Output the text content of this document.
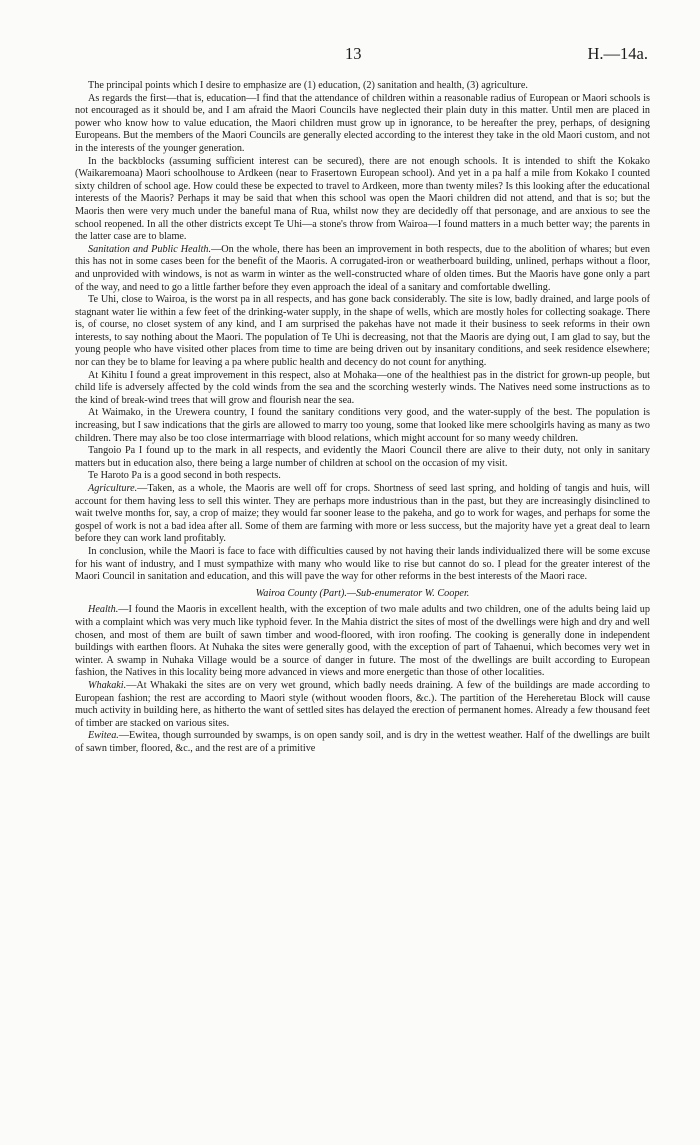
13	H.—14a.

The principal points which I desire to emphasize are (1) education, (2) sanitation and health, (3) agriculture.

As regards the first—that is, education—I find that the attendance of children within a reasonable radius of European or Maori schools is not encouraged as it should be, and I am afraid the Maori Councils have neglected their plain duty in this matter. Until men are placed in power who know how to value education, the Maori children must grow up in ignorance, to be hereafter the prey, perhaps, of designing Europeans. But the members of the Maori Councils are generally elected according to the interest they take in the old Maori custom, and not in the interests of the younger generation.

In the backblocks (assuming sufficient interest can be secured), there are not enough schools. It is intended to shift the Kokako (Waikaremoana) Maori schoolhouse to Ardkeen (near to Frasertown European school). And yet in a pa half a mile from Kokako I counted sixty children of school age. How could these be expected to travel to Ardkeen, more than twenty miles? Is this looking after the educational interests of the Maoris? Perhaps it may be said that when this school was open the Maori children did not attend, and that is so; but the Maoris then were very much under the baneful mana of Rua, whilst now they are decidedly off that personage, and are anxious to see the school reopened. In all the other districts except Te Uhi—a stone's throw from Wairoa—I found matters in a much better way; the parents in the latter case are to blame.

Sanitation and Public Health.—On the whole, there has been an improvement in both respects, due to the abolition of whares; but even this has not in some cases been for the benefit of the Maoris. A corrugated-iron or weatherboard building, unlined, perhaps without a floor, and unprovided with windows, is not as warm in winter as the well-constructed whare of olden times. But the Maoris have gone only a part of the way, and need to go a little farther before they even approach the ideal of a sanitary and comfortable dwelling.

Te Uhi, close to Wairoa, is the worst pa in all respects, and has gone back considerably. The site is low, badly drained, and large pools of stagnant water lie within a few feet of the drinking-water supply, in the shape of wells, which are mostly holes for collecting soakage. There is, of course, no closet system of any kind, and I am surprised the pakehas have not made it their business to seek reforms in their own interests, to say nothing about the Maori. The population of Te Uhi is decreasing, not that the Maoris are dying out, I am glad to say, but the young people who have visited other places from time to time are being driven out by insanitary conditions, and seek residence elsewhere; nor can they be to blame for leaving a pa where public health and decency do not count for anything.

At Kihitu I found a great improvement in this respect, also at Mohaka—one of the healthiest pas in the district for grown-up people, but child life is adversely affected by the cold winds from the sea and the scorching westerly winds. The Natives need some instructions as to the kind of break-wind trees that will grow and flourish near the sea.

At Waimako, in the Urewera country, I found the sanitary conditions very good, and the water-supply of the best. The population is increasing, but I saw indications that the girls are allowed to marry too young, some that looked like mere schoolgirls having as many as two children. There may also be too close intermarriage with blood relations, which might account for so many weedy children.

Tangoio Pa I found up to the mark in all respects, and evidently the Maori Council there are alive to their duty, not only in sanitary matters but in education also, there being a large number of children at school on the occasion of my visit.

Te Haroto Pa is a good second in both respects.

Agriculture.—Taken, as a whole, the Maoris are well off for crops. Shortness of seed last spring, and holding of tangis and huis, will account for them having less to sell this winter. They are perhaps more industrious than in the past, but they are increasingly disinclined to wait twelve months for, say, a crop of maize; they would far sooner lease to the pakeha, and go to work for wages, and perhaps for some the gospel of work is not a bad idea after all. Some of them are farming with more or less success, but the majority have yet a great deal to learn before they can work land profitably.

In conclusion, while the Maori is face to face with difficulties caused by not having their lands individualized there will be some excuse for his want of industry, and I must sympathize with many who would like to rise but cannot do so. I plead for the greater interest of the Maori Council in sanitation and education, and this will pave the way for other reforms in the best interests of the Maori race.

Wairoa County (Part).—Sub-enumerator W. Cooper.

Health.—I found the Maoris in excellent health, with the exception of two male adults and two children, one of the adults being laid up with a complaint which was very much like typhoid fever. In the Mahia district the sites of most of the dwellings were high and dry and well chosen, and most of them are built of sawn timber and wood-floored, with iron roofing. The cooking is generally done in independent buildings with earthen floors. At Nuhaka the sites were generally good, with the exception of part of Tahaenui, which becomes very wet in winter. A swamp in Nuhaka Village would be a source of danger in future. The most of the dwellings are built according to European fashion, the Natives in this locality being more advanced in views and more energetic than those of other localities.

Whakaki.—At Whakaki the sites are on very wet ground, which badly needs draining. A few of the buildings are made according to European fashion; the rest are according to Maori style (without wooden floors, &c.). The partition of the Hereheretau Block will cause much activity in building here, as hitherto the want of settled sites has delayed the erection of permanent homes. Already a few thousand feet of timber are stacked on various sites.

Ewitea.—Ewitea, though surrounded by swamps, is on open sandy soil, and is dry in the wettest weather. Half of the dwellings are built of sawn timber, floored, &c., and the rest are of a primitive
